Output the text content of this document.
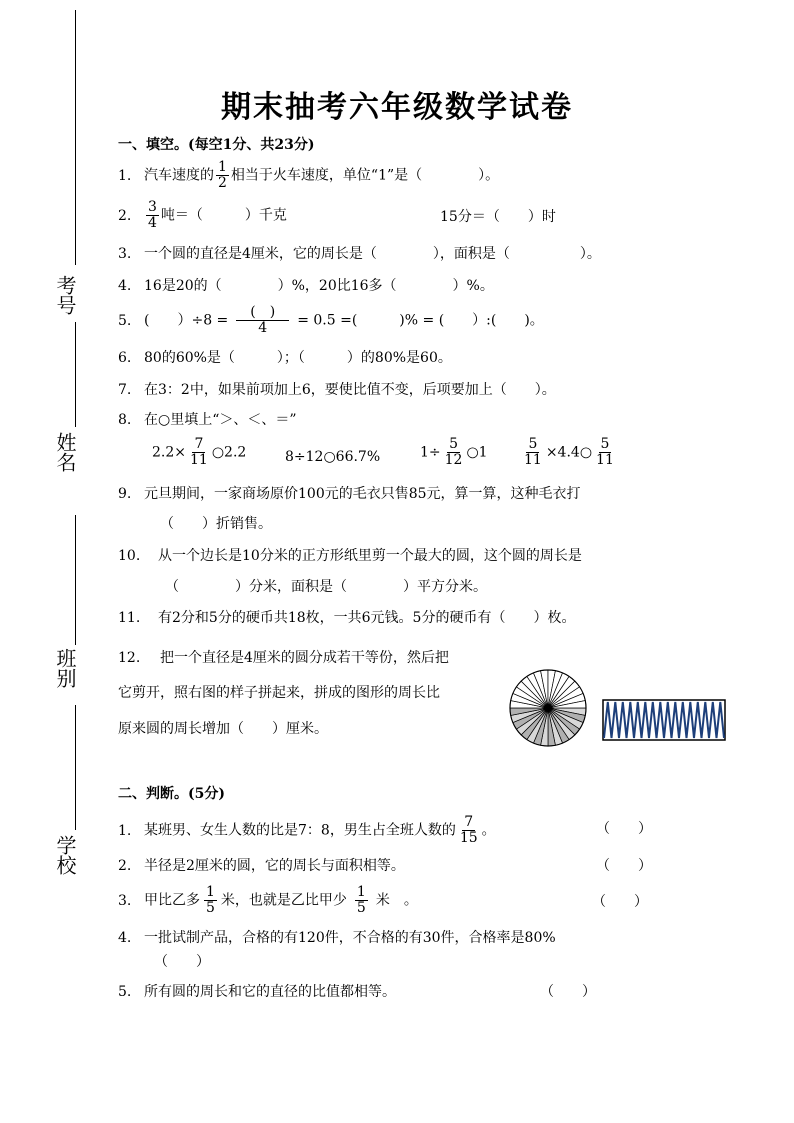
考号
姓名
班别
学校
期末抽考六年级数学试卷
一、填空。(每空1分、共23分)
1. 汽车速度的 $\frac{1}{2}$ 相当于火车速度，单位“1”是（　　　　）。
2. $\frac{3}{4}$ 吨＝（　　　）千克	15分＝（　　）时
3. 一个圆的直径是4厘米，它的周长是（　　　　），面积是（　　　　　）。
4. 16是20的（　　　　）%，20比16多（　　　　）%。
5. (　　）$\div 8 = \frac{( )}{4} = 0.5$ =(　　　)% = (　　）:(　　)。
6. 80的60%是（　　　）；（　　　）的80%是60。
7. 在3：2中，如果前项加上6，要使比值不变，后项要加上（　　）。
8. 在○里填上“＞、＜、＝”
$2.2\times \frac{7}{11}$ ○2.2	8÷12○66.7%	$1\div \frac{5}{12}$ ○1 $\frac{5}{11}$ ×4.4○ $\frac{5}{11}$
9. 元旦期间，一家商场原价100元的毛衣只售85元，算一算，这种毛衣打
（　　）折销售。
10. 从一个边长是10分米的正方形纸里剪一个最大的圆，这个圆的周长是
（　　　　）分米，面积是（　　　　）平方分米。
11. 有2分和5分的硬币共18枚，一共6元钱。5分的硬币有（　　）枚。
12. 把一个直径是4厘米的圆分成若干等份，然后把
它剪开，照右图的样子拼起来，拼成的图形的周长比
原来圆的周长增加（　　）厘米。
二、判断。(5分)
1. 某班男、女生人数的比是7：8，男生占全班人数的 $\frac{7}{15}$ 。	（　　）
2. 半径是2厘米的圆，它的周长与面积相等。	（　　）
3. 甲比乙多 $\frac{1}{5}$ 米，也就是乙比甲少 $\frac{1}{5}$ 米　。	（　　）
4. 一批试制产品，合格的有120件，不合格的有30件，合格率是80%
（　　）
5. 所有圆的周长和它的直径的比值都相等。	（　　）
